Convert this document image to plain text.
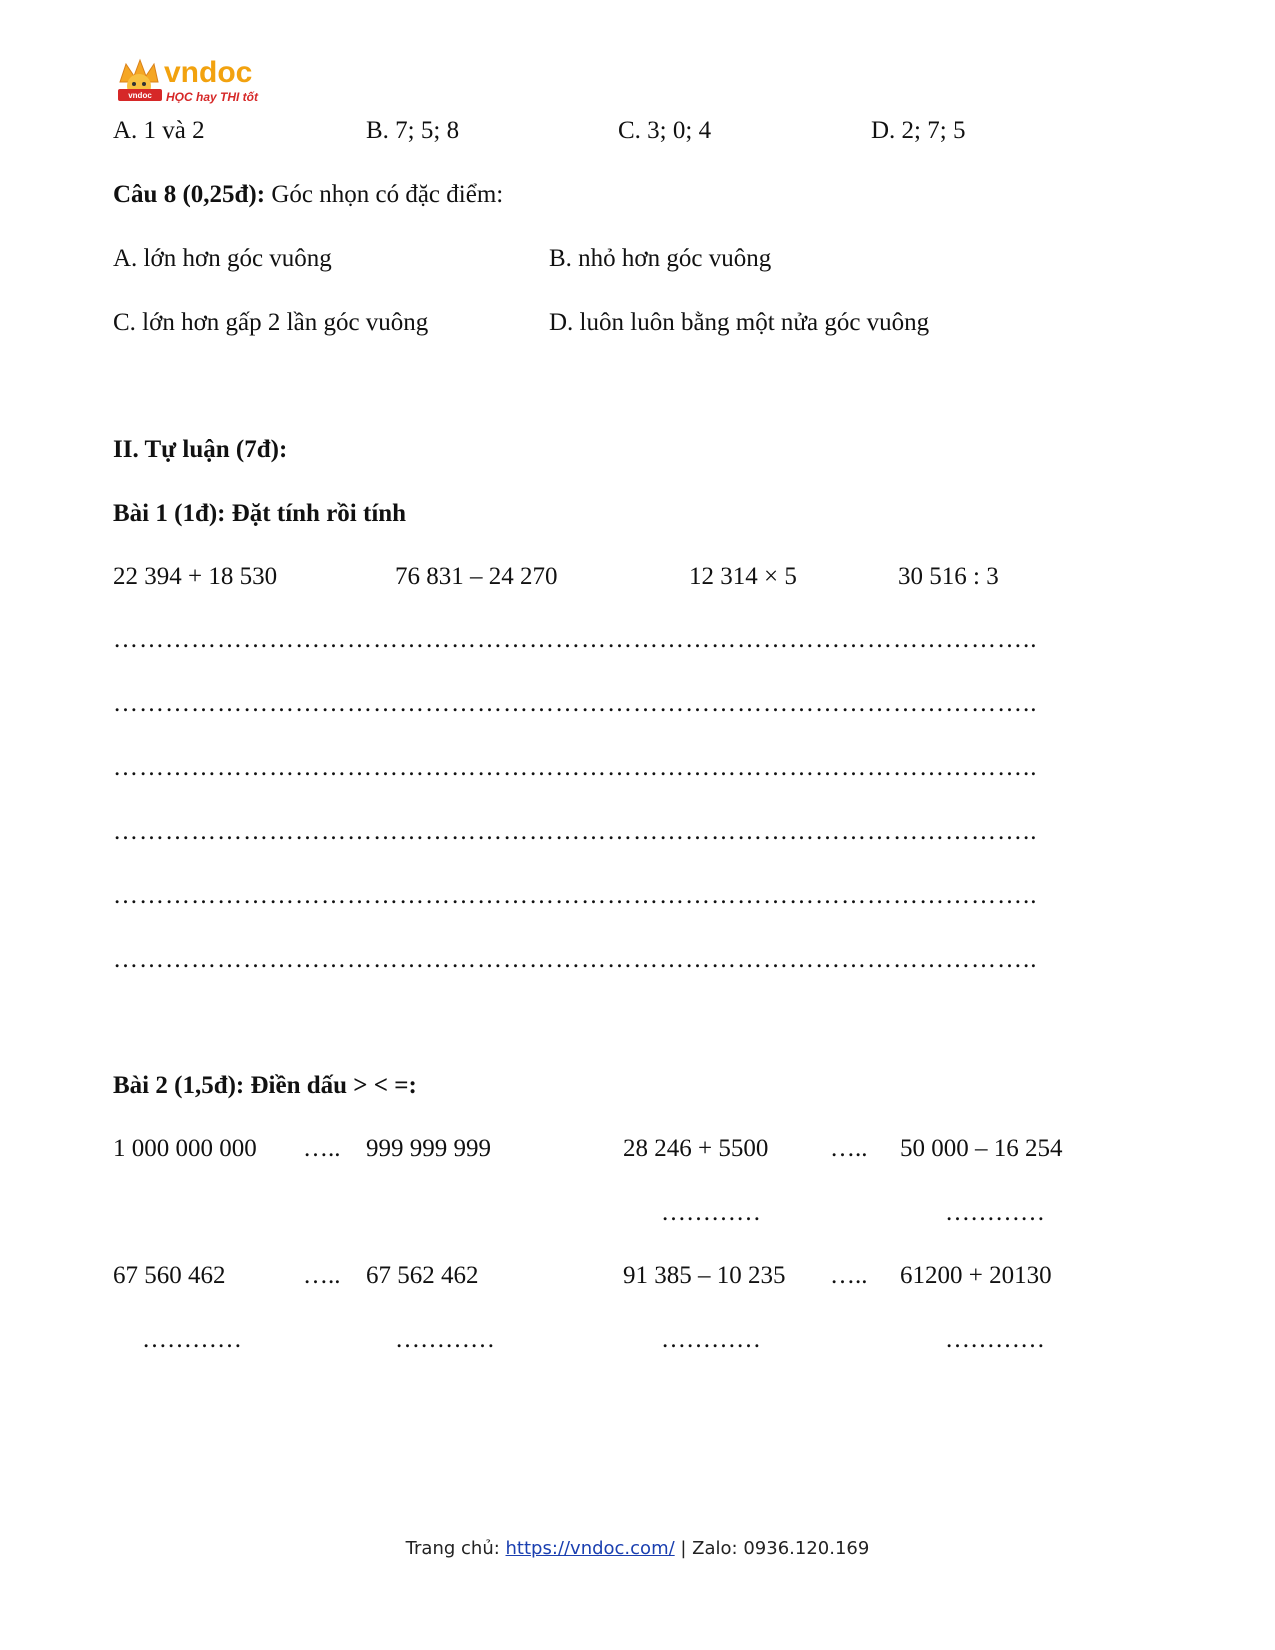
vndoc
vndoc
HỌC hay THI tốt
A. 1 và 2	B. 7; 5; 8	C. 3; 0; 4	D. 2; 7; 5
Câu 8 (0,25đ): Góc nhọn có đặc điểm:
A. lớn hơn góc vuông	B. nhỏ hơn góc vuông
C. lớn hơn gấp 2 lần góc vuông	D. luôn luôn bằng một nửa góc vuông
II. Tự luận (7đ):
Bài 1 (1đ): Đặt tính rồi tính
22 394 + 18 530	76 831 – 24 270	12 314 × 5	30 516 : 3
……………………………………………………………………………………………..
……………………………………………………………………………………………..
……………………………………………………………………………………………..
……………………………………………………………………………………………..
……………………………………………………………………………………………..
……………………………………………………………………………………………..
Bài 2 (1,5đ): Điền dấu > < =:
1 000 000 000 ….. 999 999 999	28 246 + 5500 ….. 50 000 – 16 254
…………	…………
67 560 462	….. 67 562 462	91 385 – 10 235 ….. 61200 + 20130
…………	…………	…………	…………
Trang chủ: https://vndoc.com/ | Zalo: 0936.120.169
